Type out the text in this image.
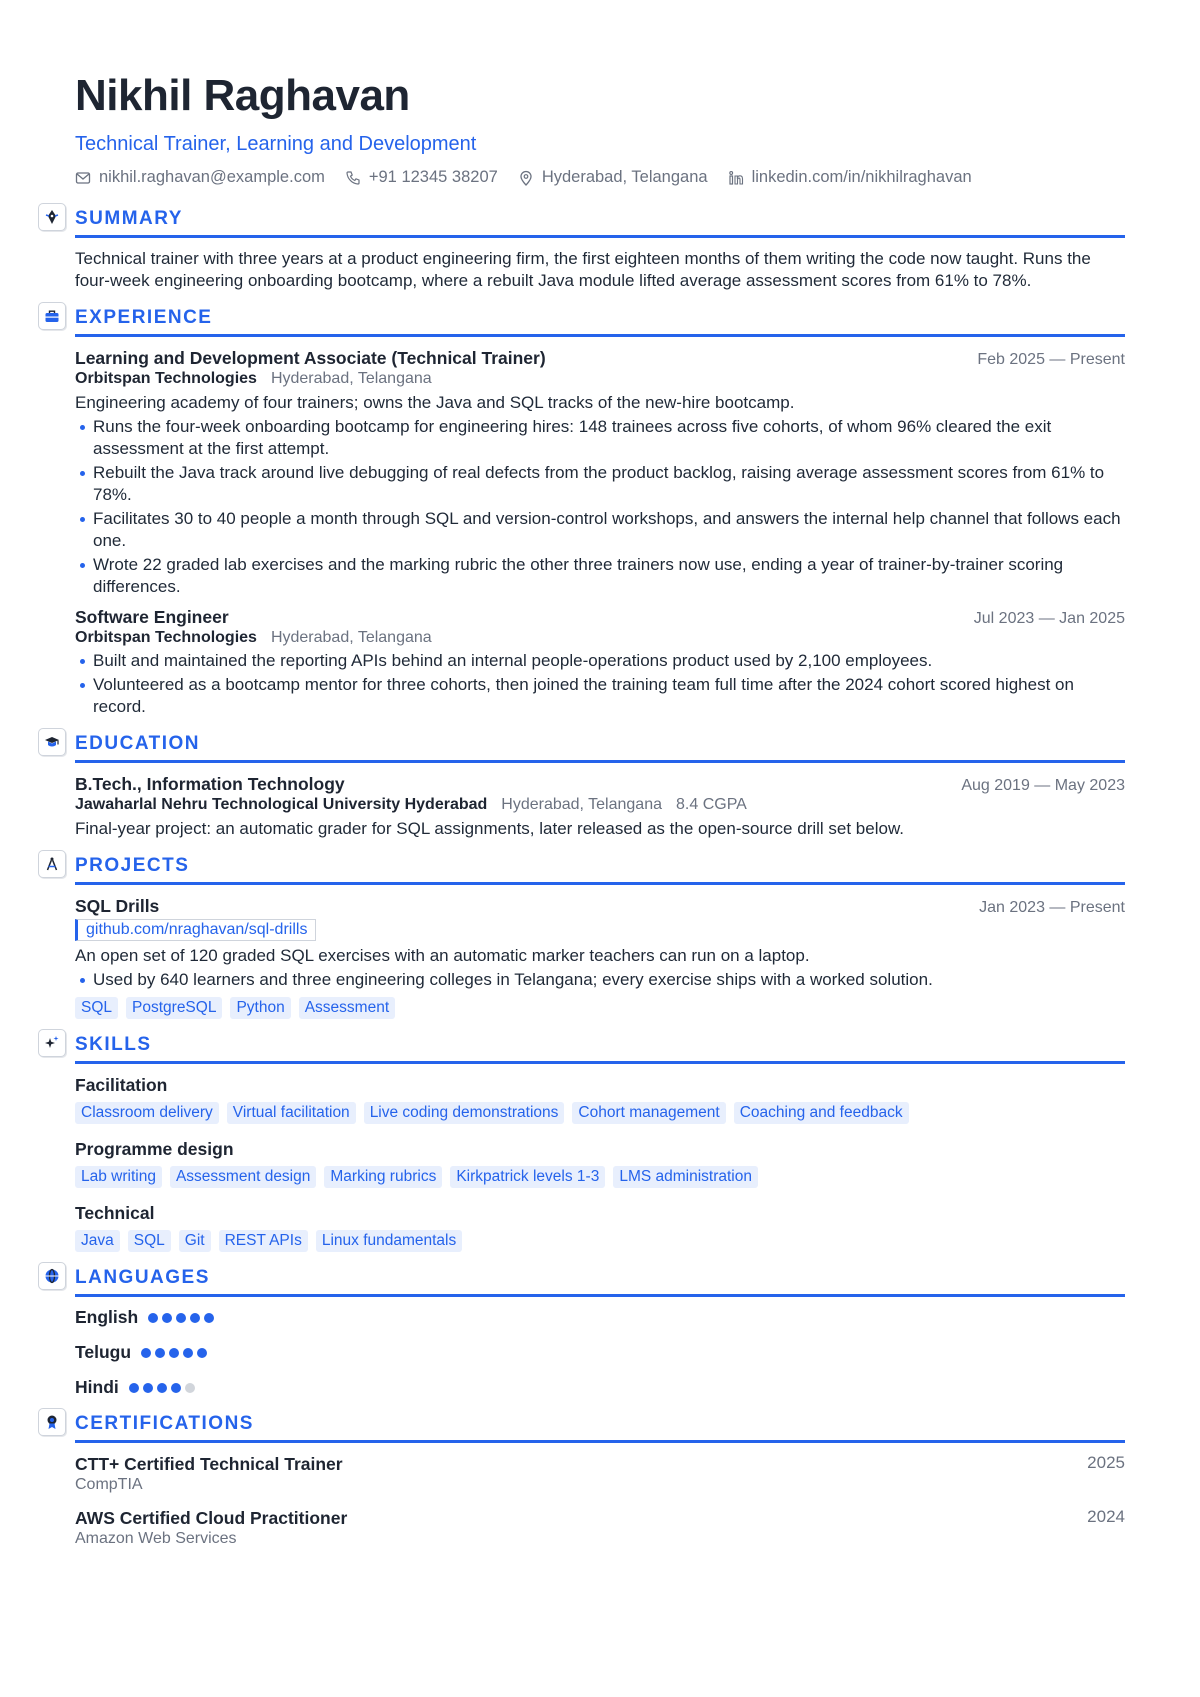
Nikhil Raghavan
Technical Trainer, Learning and Development
nikhil.raghavan@example.com	+91 12345 38207	Hyderabad, Telangana	linkedin.com/in/nikhilraghavan
SUMMARY
Technical trainer with three years at a product engineering firm, the first eighteen months of them writing the code now taught. Runs the four-week engineering onboarding bootcamp, where a rebuilt Java module lifted average assessment scores from 61% to 78%.
EXPERIENCE
Learning and Development Associate (Technical Trainer)	Feb 2025 — Present
Orbitspan Technologies Hyderabad, Telangana
Engineering academy of four trainers; owns the Java and SQL tracks of the new-hire bootcamp.
Runs the four-week onboarding bootcamp for engineering hires: 148 trainees across five cohorts, of whom 96% cleared the exit assessment at the first attempt.
Rebuilt the Java track around live debugging of real defects from the product backlog, raising average assessment scores from 61% to 78%.
Facilitates 30 to 40 people a month through SQL and version-control workshops, and answers the internal help channel that follows each one.
Wrote 22 graded lab exercises and the marking rubric the other three trainers now use, ending a year of trainer-by-trainer scoring differences.
Software Engineer	Jul 2023 — Jan 2025
Orbitspan Technologies Hyderabad, Telangana
Built and maintained the reporting APIs behind an internal people-operations product used by 2,100 employees.
Volunteered as a bootcamp mentor for three cohorts, then joined the training team full time after the 2024 cohort scored highest on record.
EDUCATION
B.Tech., Information Technology	Aug 2019 — May 2023
Jawaharlal Nehru Technological University Hyderabad Hyderabad, Telangana 8.4 CGPA
Final-year project: an automatic grader for SQL assignments, later released as the open-source drill set below.
PROJECTS
SQL Drills	Jan 2023 — Present
github.com/nraghavan/sql-drills
An open set of 120 graded SQL exercises with an automatic marker teachers can run on a laptop.
Used by 640 learners and three engineering colleges in Telangana; every exercise ships with a worked solution.
SQL	PostgreSQL	Python	Assessment
SKILLS
Facilitation
Classroom delivery	Virtual facilitation	Live coding demonstrations	Cohort management	Coaching and feedback
Programme design
Lab writing	Assessment design	Marking rubrics	Kirkpatrick levels 1-3	LMS administration
Technical
Java	SQL	Git	REST APIs	Linux fundamentals
LANGUAGES
English
Telugu
Hindi
CERTIFICATIONS
CTT+ Certified Technical Trainer	2025
CompTIA
AWS Certified Cloud Practitioner	2024
Amazon Web Services
